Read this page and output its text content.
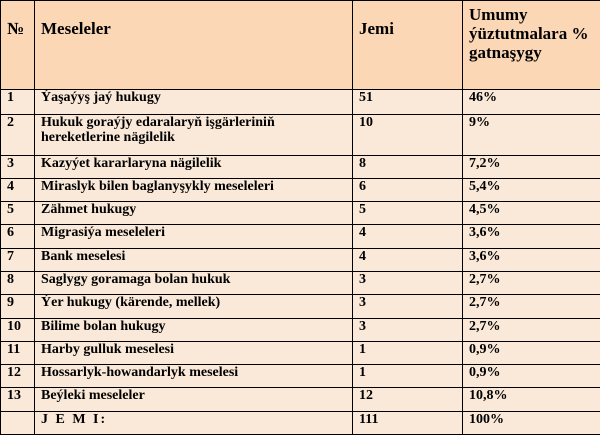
№	Meseleler	Jemi	Umumy ýüztutmalara % gatnaşygy
1	Ýaşaýyş jaý hukugy	51	46%
2	Hukuk goraýjy edaralaryň işgärleriniň hereketlerine nägilelik	10	9%
3	Kazyýet kararlaryna nägilelik	8	7,2%
4	Miraslyk bilen baglanyşykly meseleleri	6	5,4%
5	Zähmet hukugy	5	4,5%
6	Migrasiýa meseleleri	4	3,6%
7	Bank meselesi	4	3,6%
8	Saglygy goramaga bolan hukuk	3	2,7%
9	Ýer hukugy (kärende, mellek)	3	2,7%
10	Bilime bolan hukugy	3	2,7%
11	Harby gulluk meselesi	1	0,9%
12	Hossarlyk-howandarlyk meselesi	1	0,9%
13	Beýleki meseleler	12	10,8%
	J E M I:	111	100%
